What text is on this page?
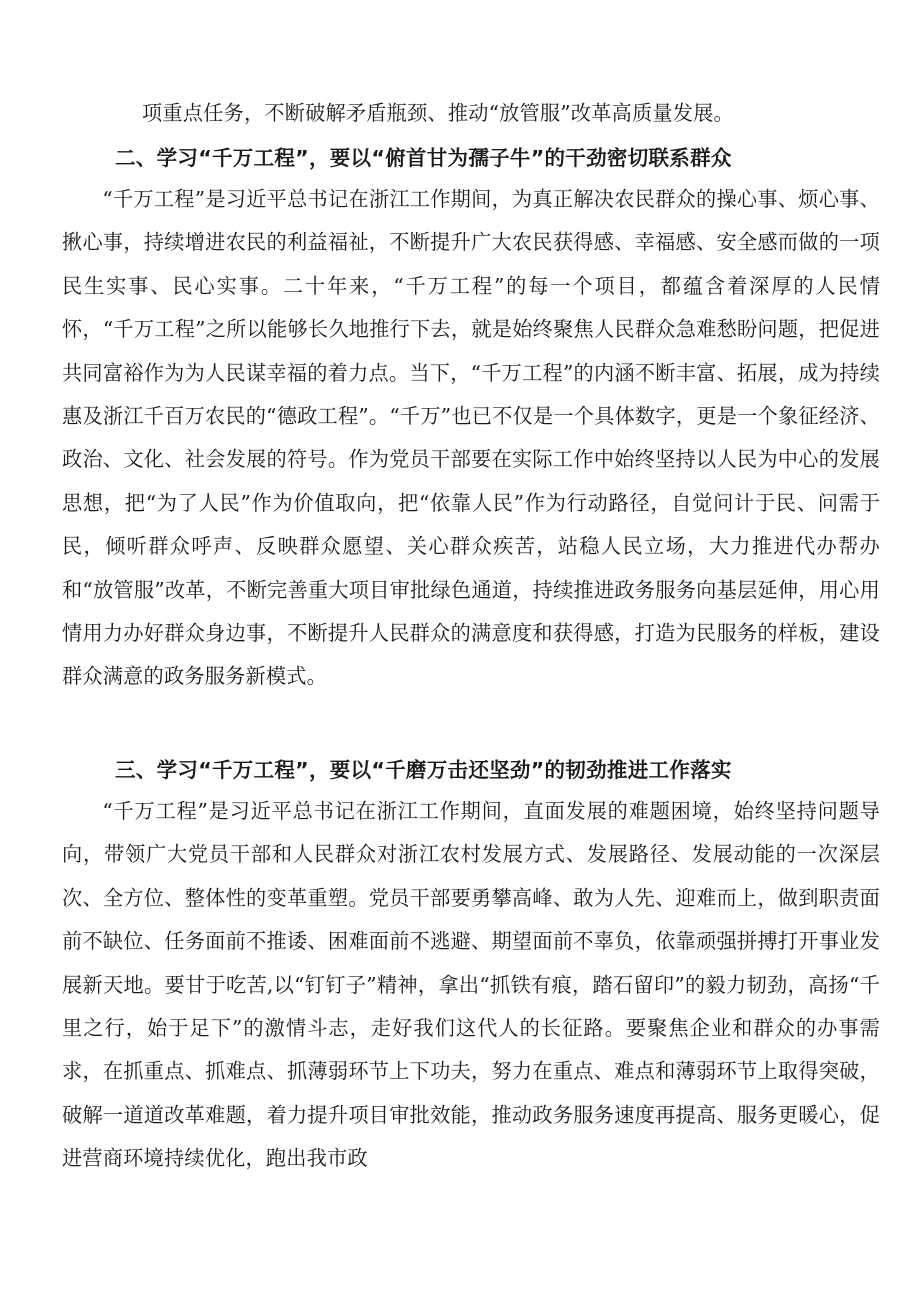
项重点任务，不断破解矛盾瓶颈、推动“放管服”改革高质量发展。

二、学习“千万工程”，要以“俯首甘为孺子牛”的干劲密切联系群众

“千万工程”是习近平总书记在浙江工作期间，为真正解决农民群众的操心事、烦心事、揪心事，持续增进农民的利益福祉，不断提升广大农民获得感、幸福感、安全感而做的一项民生实事、民心实事。二十年来，“千万工程”的每一个项目，都蕴含着深厚的人民情怀，“千万工程”之所以能够长久地推行下去，就是始终聚焦人民群众急难愁盼问题，把促进共同富裕作为为人民谋幸福的着力点。当下，“千万工程”的内涵不断丰富、拓展，成为持续惠及浙江千百万农民的“德政工程”。“千万”也已不仅是一个具体数字，更是一个象征经济、政治、文化、社会发展的符号。作为党员干部要在实际工作中始终坚持以人民为中心的发展思想，把“为了人民”作为价值取向，把“依靠人民”作为行动路径，自觉问计于民、问需于民，倾听群众呼声、反映群众愿望、关心群众疾苦，站稳人民立场，大力推进代办帮办和“放管服”改革，不断完善重大项目审批绿色通道，持续推进政务服务向基层延伸，用心用情用力办好群众身边事，不断提升人民群众的满意度和获得感，打造为民服务的样板，建设群众满意的政务服务新模式。

三、学习“千万工程”，要以“千磨万击还坚劲”的韧劲推进工作落实

“千万工程”是习近平总书记在浙江工作期间，直面发展的难题困境，始终坚持问题导向，带领广大党员干部和人民群众对浙江农村发展方式、发展路径、发展动能的一次深层次、全方位、整体性的变革重塑。党员干部要勇攀高峰、敢为人先、迎难而上，做到职责面前不缺位、任务面前不推诿、困难面前不逃避、期望面前不辜负，依靠顽强拼搏打开事业发展新天地。要甘于吃苦,以“钉钉子”精神，拿出“抓铁有痕，踏石留印”的毅力韧劲，高扬“千里之行，始于足下”的激情斗志，走好我们这代人的长征路。要聚焦企业和群众的办事需求，在抓重点、抓难点、抓薄弱环节上下功夫，努力在重点、难点和薄弱环节上取得突破，破解一道道改革难题，着力提升项目审批效能，推动政务服务速度再提高、服务更暖心，促进营商环境持续优化，跑出我市政
